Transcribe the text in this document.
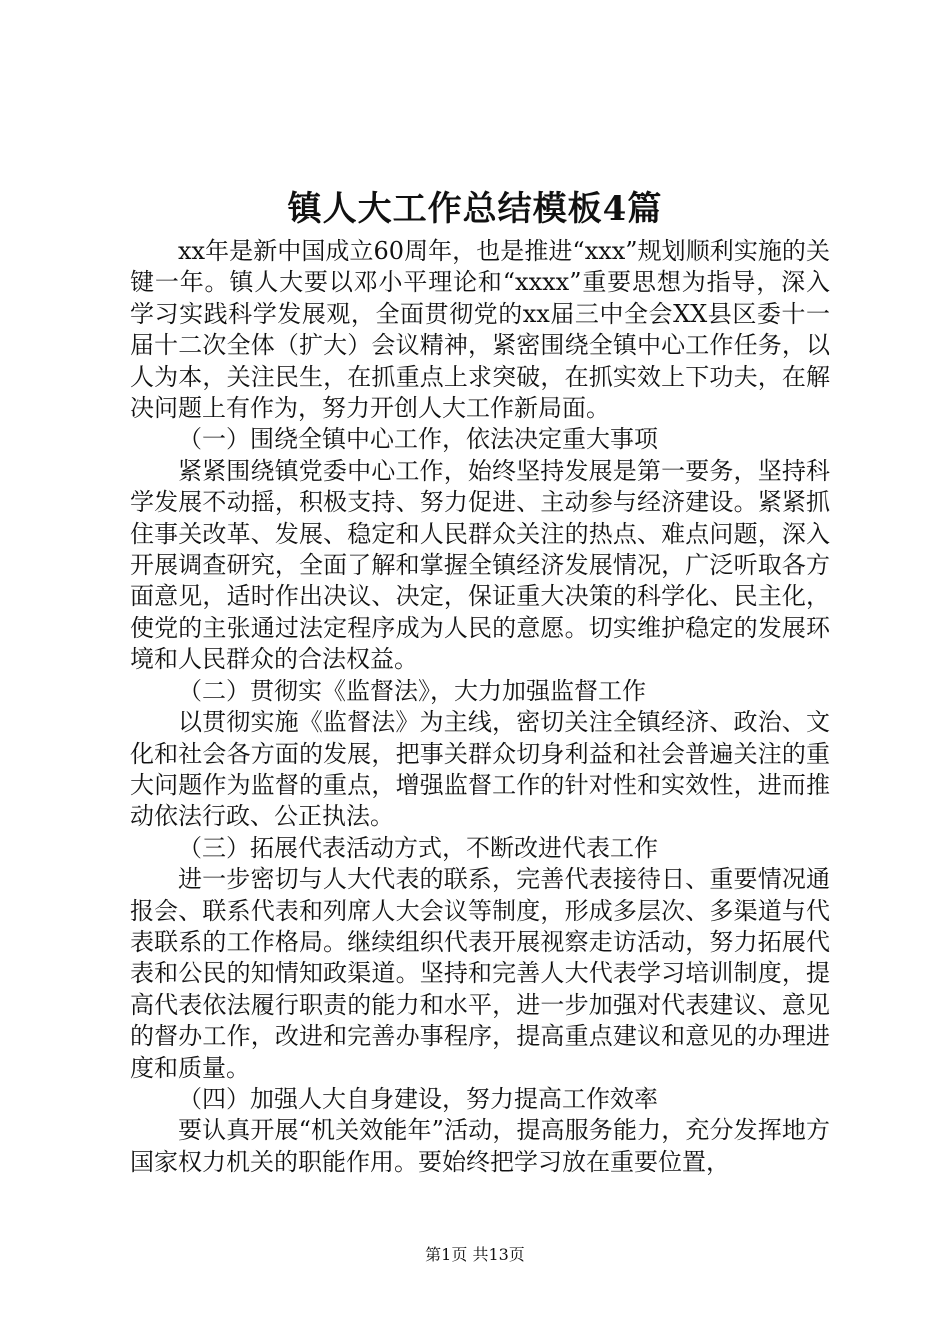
镇人大工作总结模板4篇

xx年是新中国成立60周年，也是推进“xxx”规划顺利实施的关键一年。镇人大要以邓小平理论和“xxxx”重要思想为指导，深入学习实践科学发展观，全面贯彻党的xx届三中全会XX县区委十一届十二次全体（扩大）会议精神，紧密围绕全镇中心工作任务，以人为本，关注民生，在抓重点上求突破，在抓实效上下功夫，在解决问题上有作为，努力开创人大工作新局面。

（一）围绕全镇中心工作，依法决定重大事项

紧紧围绕镇党委中心工作，始终坚持发展是第一要务，坚持科学发展不动摇，积极支持、努力促进、主动参与经济建设。紧紧抓住事关改革、发展、稳定和人民群众关注的热点、难点问题，深入开展调查研究，全面了解和掌握全镇经济发展情况，广泛听取各方面意见，适时作出决议、决定，保证重大决策的科学化、民主化，使党的主张通过法定程序成为人民的意愿。切实维护稳定的发展环境和人民群众的合法权益。

（二）贯彻实《监督法》，大力加强监督工作

以贯彻实施《监督法》为主线，密切关注全镇经济、政治、文化和社会各方面的发展，把事关群众切身利益和社会普遍关注的重大问题作为监督的重点，增强监督工作的针对性和实效性，进而推动依法行政、公正执法。

（三）拓展代表活动方式，不断改进代表工作

进一步密切与人大代表的联系，完善代表接待日、重要情况通报会、联系代表和列席人大会议等制度，形成多层次、多渠道与代表联系的工作格局。继续组织代表开展视察走访活动，努力拓展代表和公民的知情知政渠道。坚持和完善人大代表学习培训制度，提高代表依法履行职责的能力和水平，进一步加强对代表建议、意见的督办工作，改进和完善办事程序，提高重点建议和意见的办理进度和质量。

（四）加强人大自身建设，努力提高工作效率

要认真开展“机关效能年”活动，提高服务能力，充分发挥地方国家权力机关的职能作用。要始终把学习放在重要位置，

第1页 共13页
